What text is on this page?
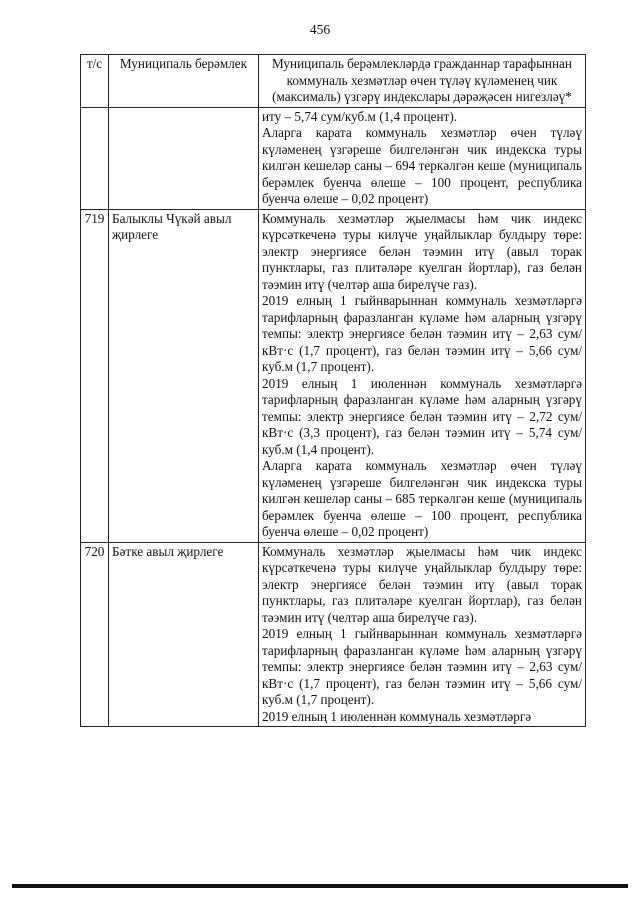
456
т/с	Муниципаль берәмлек	Муниципаль берәмлекләрдә гражданнар тарафыннан коммуналь хезмәтләр өчен түләү күләменең чик (максималь) үзгәрү индекслары дәрәҗәсен нигезләү*

		иту – 5,74 сум/куб.м (1,4 процент).

Аларга карата коммуналь хезмәтләр өчен түләү күләменең үзгәреше билгеләнгән чик индекска туры килгән кешеләр саны – 694 теркәлгән кеше (муниципаль берәмлек буенча өлеше – 100 процент, республика буенча өлеше – 0,02 процент)

719	Балыклы Чүкәй авыл җирлеге	Коммуналь хезмәтләр җыелмасы һәм чик индекс күрсәткеченә туры килүче уңайлыклар булдыру төре: электр энергиясе белән тәэмин итү (авыл торак пунктлары, газ плитәләре куелган йортлар), газ белән тәэмин итү (челтәр аша бирелүче газ).

2019 елның 1 гыйнварыннан коммуналь хезмәтләргә тарифларның фаразланган күләме һәм аларның үзгәрү темпы: электр энергиясе белән тәэмин итү – 2,63 сум/кВт·с (1,7 процент), газ белән тәэмин итү – 5,66 сум/куб.м (1,7 процент).

2019 елның 1 июленнән коммуналь хезмәтләргә тарифларның фаразланган күләме һәм аларның үзгәрү темпы: электр энергиясе белән тәэмин итү – 2,72 сум/кВт·с (3,3 процент), газ белән тәэмин итү – 5,74 сум/куб.м (1,4 процент).

Аларга карата коммуналь хезмәтләр өчен түләү күләменең үзгәреше билгеләнгән чик индекска туры килгән кешеләр саны – 685 теркәлгән кеше (муниципаль берәмлек буенча өлеше – 100 процент, республика буенча өлеше – 0,02 процент)

720	Бәтке авыл җирлеге	Коммуналь хезмәтләр җыелмасы һәм чик индекс күрсәткеченә туры килүче уңайлыклар булдыру төре: электр энергиясе белән тәэмин итү (авыл торак пунктлары, газ плитәләре куелган йортлар), газ белән тәэмин итү (челтәр аша бирелүче газ).

2019 елның 1 гыйнварыннан коммуналь хезмәтләргә тарифларның фаразланган күләме һәм аларның үзгәрү темпы: электр энергиясе белән тәэмин итү – 2,63 сум/кВт·с (1,7 процент), газ белән тәэмин итү – 5,66 сум/куб.м (1,7 процент).

2019 елның 1 июленнән коммуналь хезмәтләргә
